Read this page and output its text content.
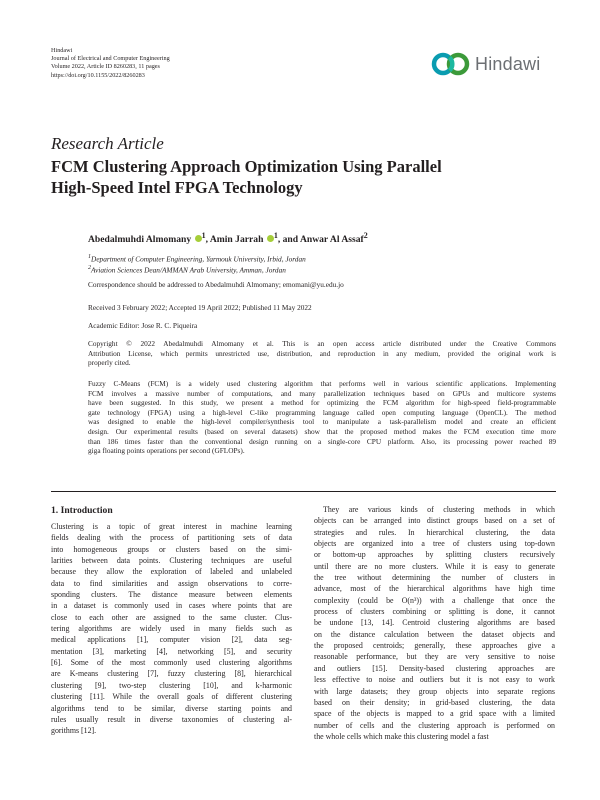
Hindawi
Journal of Electrical and Computer Engineering
Volume 2022, Article ID 8260283, 11 pages
https://doi.org/10.1155/2022/8260283
Hindawi
Research Article
FCM Clustering Approach Optimization Using Parallel
High-Speed Intel FPGA Technology
Abedalmuhdi Almomany $^1$, Amin Jarrah $^1$, and Anwar Al Assaf$^2$
$^1$Department of Computer Engineering, Yarmouk University, Irbid, Jordan
$^2$Aviation Sciences Dean/AMMAN Arab University, Amman, Jordan
Correspondence should be addressed to Abedalmuhdi Almomany; emomani@yu.edu.jo
Received 3 February 2022; Accepted 19 April 2022; Published 11 May 2022
Academic Editor: Jose R. C. Piqueira
Copyright © 2022 Abedalmuhdi Almomany et al. This is an open access article distributed under the Creative Commons
Attribution License, which permits unrestricted use, distribution, and reproduction in any medium, provided the original work is
properly cited.
Fuzzy C-Means (FCM) is a widely used clustering algorithm that performs well in various scientific applications. Implementing
FCM involves a massive number of computations, and many parallelization techniques based on GPUs and multicore systems
have been suggested. In this study, we present a method for optimizing the FCM algorithm for high-speed field-programmable
gate technology (FPGA) using a high-level C-like programming language called open computing language (OpenCL). The method
was designed to enable the high-level compiler/synthesis tool to manipulate a task-parallelism model and create an efficient
design. Our experimental results (based on several datasets) show that the proposed method makes the FCM execution time more
than 186 times faster than the conventional design running on a single-core CPU platform. Also, its processing power reached 89
giga floating points operations per second (GFLOPs).
1. Introduction
Clustering is a topic of great interest in machine learning
fields dealing with the process of partitioning sets of data
into homogeneous groups or clusters based on the simi-
larities between data points. Clustering techniques are useful
because they allow the exploration of labeled and unlabeled
data to find similarities and assign observations to corre-
sponding clusters. The distance measure between elements
in a dataset is commonly used in cases where points that are
close to each other are assigned to the same cluster. Clus-
tering algorithms are widely used in many fields such as
medical applications [1], computer vision [2], data seg-
mentation [3], marketing [4], networking [5], and security
[6]. Some of the most commonly used clustering algorithms
are K-means clustering [7], fuzzy clustering [8], hierarchical
clustering [9], two-step clustering [10], and k-harmonic
clustering [11]. While the overall goals of different clustering
algorithms tend to be similar, diverse starting points and
rules usually result in diverse taxonomies of clustering al-
gorithms [12].
They are various kinds of clustering methods in which
objects can be arranged into distinct groups based on a set of
strategies and rules. In hierarchical clustering, the data
objects are organized into a tree of clusters using top-down
or bottom-up approaches by splitting clusters recursively
until there are no more clusters. While it is easy to generate
the tree without determining the number of clusters in
advance, most of the hierarchical algorithms have high time
complexity (could be O(n³)) with a challenge that once the
process of clusters combining or splitting is done, it cannot
be undone [13, 14]. Centroid clustering algorithms are based
on the distance calculation between the dataset objects and
the proposed centroids; generally, these approaches give a
reasonable performance, but they are very sensitive to noise
and outliers [15]. Density-based clustering approaches are
less effective to noise and outliers but it is not easy to work
with large datasets; they group objects into separate regions
based on their density; in grid-based clustering, the data
space of the objects is mapped to a grid space with a limited
number of cells and the clustering approach is performed on
the whole cells which make this clustering model a fast
